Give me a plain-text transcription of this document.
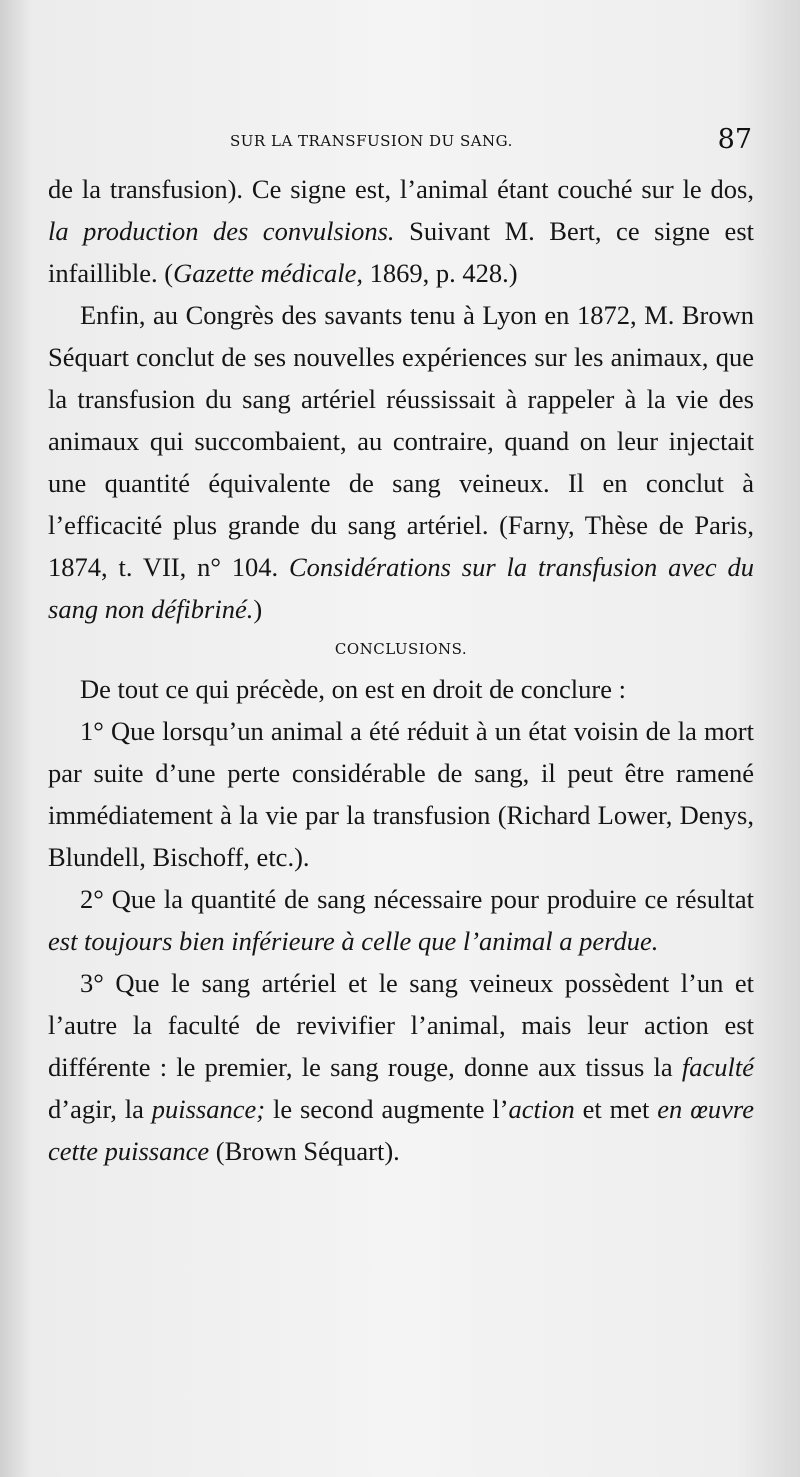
SUR LA TRANSFUSION DU SANG.	87

de la transfusion). Ce signe est, l’animal étant couché sur le dos, la production des convulsions. Suivant M. Bert, ce signe est infaillible. (Gazette médicale, 1869, p. 428.)

Enfin, au Congrès des savants tenu à Lyon en 1872, M. Brown Séquart conclut de ses nouvelles expériences sur les animaux, que la transfusion du sang artériel réussissait à rappeler à la vie des animaux qui succombaient, au contraire, quand on leur injectait une quantité équivalente de sang veineux. Il en conclut à l’efficacité plus grande du sang artériel. (Farny, Thèse de Paris, 1874, t. VII, n° 104. Considérations sur la transfusion avec du sang non défibriné.)

CONCLUSIONS.

De tout ce qui précède, on est en droit de conclure :

1° Que lorsqu’un animal a été réduit à un état voisin de la mort par suite d’une perte considérable de sang, il peut être ramené immédiatement à la vie par la transfusion (Richard Lower, Denys, Blundell, Bischoff, etc.).

2° Que la quantité de sang nécessaire pour produire ce résultat est toujours bien inférieure à celle que l’animal a perdue.

3° Que le sang artériel et le sang veineux possèdent l’un et l’autre la faculté de revivifier l’animal, mais leur action est différente : le premier, le sang rouge, donne aux tissus la faculté d’agir, la puissance; le second augmente l’action et met en œuvre cette puissance (Brown Séquart).
